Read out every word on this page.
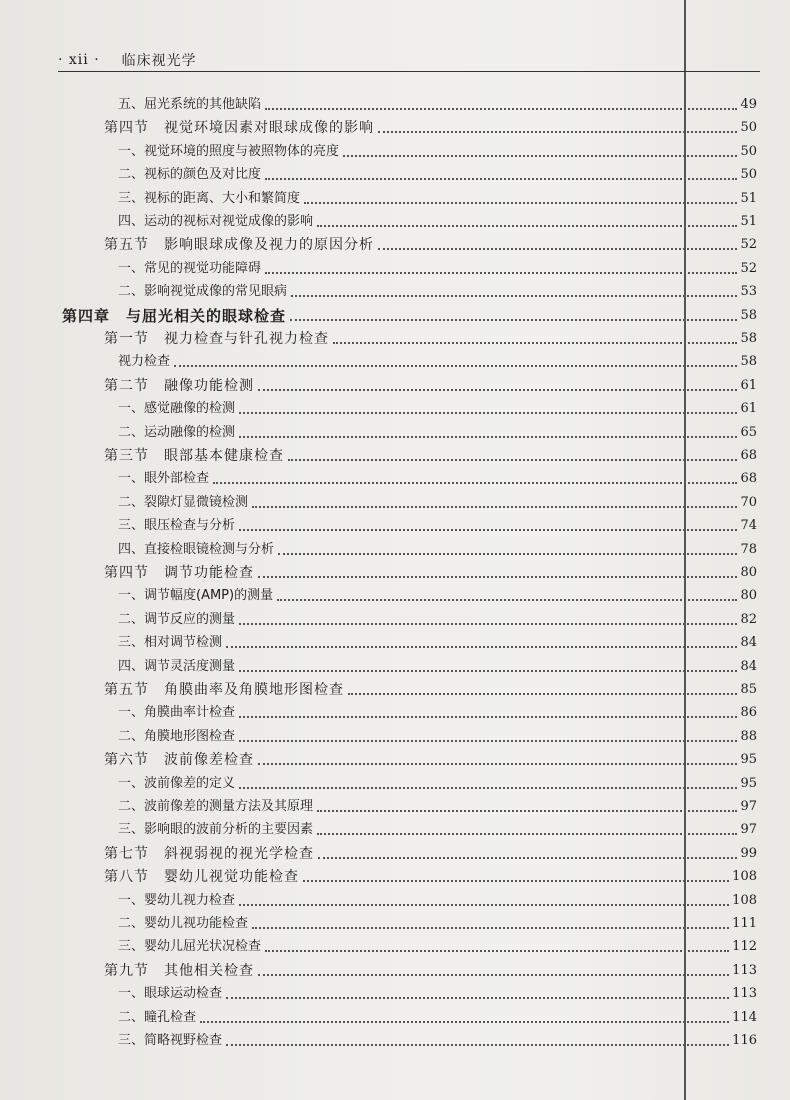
· xii · 临床视光学
五、屈光系统的其他缺陷	49
第四节　视觉环境因素对眼球成像的影响	50
一、视觉环境的照度与被照物体的亮度	50
二、视标的颜色及对比度	50
三、视标的距离、大小和繁简度	51
四、运动的视标对视觉成像的影响	51
第五节　影响眼球成像及视力的原因分析	52
一、常见的视觉功能障碍	52
二、影响视觉成像的常见眼病	53
第四章　与屈光相关的眼球检查	58
第一节　视力检查与针孔视力检查	58
视力检查	58
第二节　融像功能检测	61
一、感觉融像的检测	61
二、运动融像的检测	65
第三节　眼部基本健康检查	68
一、眼外部检查	68
二、裂隙灯显微镜检测	70
三、眼压检查与分析	74
四、直接检眼镜检测与分析	78
第四节　调节功能检查	80
一、调节幅度(AMP)的测量	80
二、调节反应的测量	82
三、相对调节检测	84
四、调节灵活度测量	84
第五节　角膜曲率及角膜地形图检查	85
一、角膜曲率计检查	86
二、角膜地形图检查	88
第六节　波前像差检查	95
一、波前像差的定义	95
二、波前像差的测量方法及其原理	97
三、影响眼的波前分析的主要因素	97
第七节　斜视弱视的视光学检查	99
第八节　婴幼儿视觉功能检查	108
一、婴幼儿视力检查	108
二、婴幼儿视功能检查	111
三、婴幼儿屈光状况检查	112
第九节　其他相关检查	113
一、眼球运动检查	113
二、瞳孔检查	114
三、简略视野检查	116
